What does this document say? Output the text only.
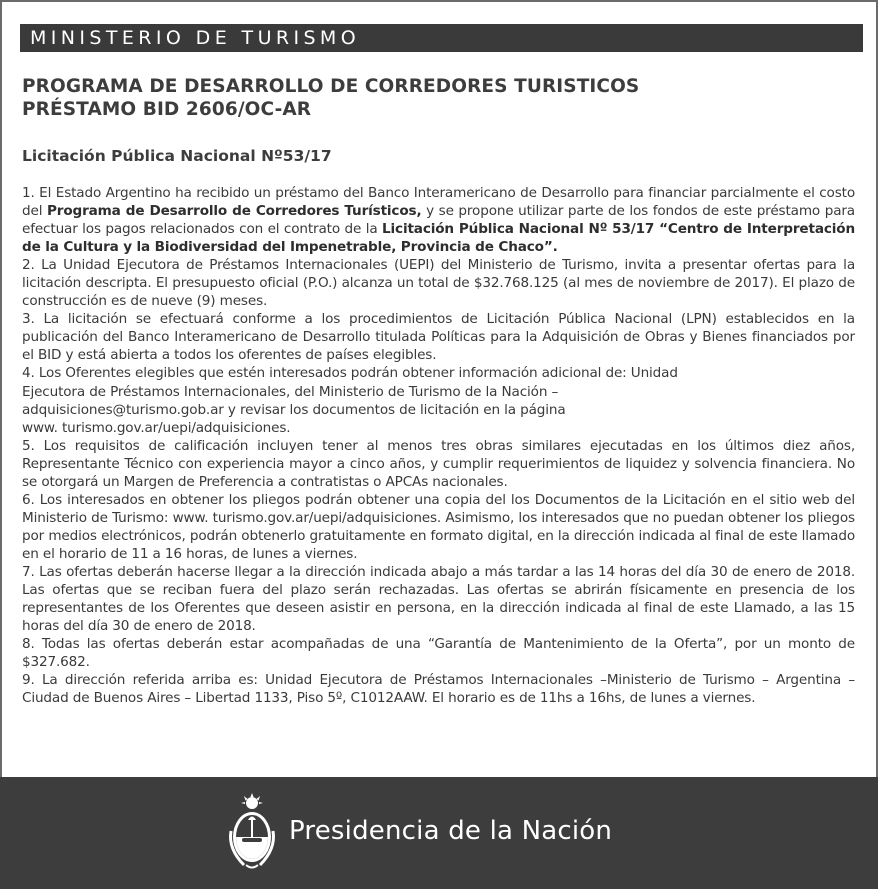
MINISTERIO DE TURISMO
PROGRAMA DE DESARROLLO DE CORREDORES TURISTICOS
PRÉSTAMO BID 2606/OC-AR
Licitación Pública Nacional Nº53/17

1. El Estado Argentino ha recibido un préstamo del Banco Interamericano de Desarrollo para financiar parcialmente el costo del Programa de Desarrollo de Corredores Turísticos, y se propone utilizar parte de los fondos de este préstamo para efectuar los pagos relacionados con el contrato de la Licitación Pública Nacional Nº 53/17 “Centro de Interpretación de la Cultura y la Biodiversidad del Impenetrable, Provincia de Chaco”.

2. La Unidad Ejecutora de Préstamos Internacionales (UEPI) del Ministerio de Turismo, invita a presentar ofertas para la licitación descripta. El presupuesto oficial (P.O.) alcanza un total de $32.768.125 (al mes de noviembre de 2017). El plazo de construcción es de nueve (9) meses.

3. La licitación se efectuará conforme a los procedimientos de Licitación Pública Nacional (LPN) establecidos en la publicación del Banco Interamericano de Desarrollo titulada Políticas para la Adquisición de Obras y Bienes financiados por el BID y está abierta a todos los oferentes de países elegibles.

4. Los Oferentes elegibles que estén interesados podrán obtener información adicional de: Unidad
Ejecutora de Préstamos Internacionales, del Ministerio de Turismo de la Nación –
adquisiciones@turismo.gob.ar y revisar los documentos de licitación en la página
www. turismo.gov.ar/uepi/adquisiciones.

5. Los requisitos de calificación incluyen tener al menos tres obras similares ejecutadas en los últimos diez años, Representante Técnico con experiencia mayor a cinco años, y cumplir requerimientos de liquidez y solvencia financiera. No se otorgará un Margen de Preferencia a contratistas o APCAs nacionales.

6. Los interesados en obtener los pliegos podrán obtener una copia del los Documentos de la Licitación en el sitio web del Ministerio de Turismo: www. turismo.gov.ar/uepi/adquisiciones. Asimismo, los interesados que no puedan obtener los pliegos por medios electrónicos, podrán obtenerlo gratuitamente en formato digital, en la dirección indicada al final de este llamado en el horario de 11 a 16 horas, de lunes a viernes.

7. Las ofertas deberán hacerse llegar a la dirección indicada abajo a más tardar a las 14 horas del día 30 de enero de 2018. Las ofertas que se reciban fuera del plazo serán rechazadas. Las ofertas se abrirán físicamente en presencia de los representantes de los Oferentes que deseen asistir en persona, en la dirección indicada al final de este Llamado, a las 15 horas del día 30 de enero de 2018.

8. Todas las ofertas deberán estar acompañadas de una “Garantía de Mantenimiento de la Oferta”, por un monto de $327.682.

9. La dirección referida arriba es: Unidad Ejecutora de Préstamos Internacionales –Ministerio de Turismo – Argentina – Ciudad de Buenos Aires – Libertad 1133, Piso 5º, C1012AAW. El horario es de 11hs a 16hs, de lunes a viernes.

Presidencia de la Nación
